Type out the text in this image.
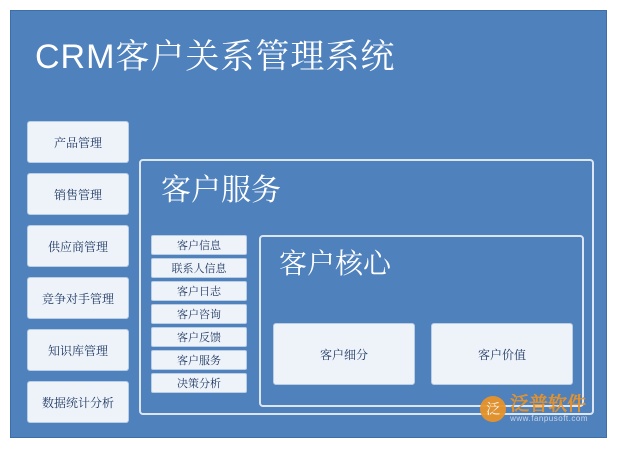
CRM客户关系管理系统
产品管理
销售管理
供应商管理
竞争对手管理
知识库管理
数据统计分析
客户服务
客户信息
联系人信息
客户日志
客户咨询
客户反馈
客户服务
决策分析
客户核心
客户细分	客户价值
泛 泛普软件
www.fanpusoft.com
